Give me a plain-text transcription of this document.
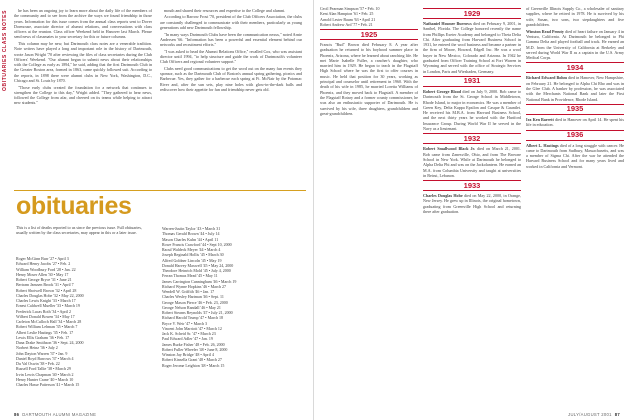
OBITUARIES CLASS NOTES	he has been an ongoing joy to learn more about the daily life of the members of the community and to see from the archive the ways we found friendship in those years. Information for this issue comes from the annual class reports sent to Dover Dormouse, associate director of alumni relations, and conversations with class officers at the reunion. Class officer Weekend held in Hanover last March. Please send news of classmates to your secretary for this or future columns.

This column may be new, but Dartmouth class notes are a venerable tradition. Note writers have played a long and important role in the history of Dartmouth, wrote Jason Wright '70 after reviewing the files of class secretaries during the Club Officers' Weekend. "Our alumni began to submit news about their relationships with the College as early as 1894," he said, adding that the first Dartmouth Club in the Greater Boston area, formed in 1863, came quickly followed suit. According to the reports, in 1898 there were alumni clubs in New York, Washington, D.C., Chicago and St. Louis by 1870.

"Those early clubs created the foundation for a network that continues to strengthen the College to this day," Wright added. "They gathered to hear news, followed the College from afar, and cheered on its teams while helping to attract new students."

mouth and shared their resources and expertise to the College and alumni.

According to Barrow Frost '70, president of the Club Officers Association, the clubs are constantly challenged to communicate with their members, particularly as young generations add new Dartmouth fellowship.

"In many ways Dartmouth Clubs have been the communication nexus," noted Arnie Andersen '66. "Information has been a powerful and essential element behind our networks and recruitment efforts."

"I was asked to head the Alumni Relations Office," recalled Cox, who was assistant director until 1994, "to help structure and guide the work of Dartmouth's volunteer Club Officers and regional volunteer support."

Clubs need good communications to get the word out on the many fun events they sponsor, such as the Dartmouth Club of Boston's annual spring gathering, picnics and Barbecue. Yes, they gather for a barbecue each spring at Ft. McNair by the Potomac River and, after the sun sets, play nine holes with glow-in-the-dark balls and rediscover how their appetite for fun and friendship never gets old.

obituaries
This is a list of deaths reported to us since the previous issue. Full obituaries, usually written by the class secretaries, may appear in this or a later issue.
Roger McGinn Burr '27 • April 3
Edward Henry Jacobs '27 • Feb. 2
William Woodbury Ford '28 • Jan. 22
Henry Moser Allen '30 • May 17
Robert George Bryce '31 • June 21
Bertram Janssen Brook '31 • April 7
Robert Shotwell Brown '32 • April 28
Charles Douglas Hobe '32 • May 22, 2000
Charles Lewis Knight '33 • March 17
Ernest Caldwell Mueller '33 • March 19
Frederick Lucas Roth '34 • April 2
Wilbert Donald Bowen '34 • May 17
Carleton McCulloch Hall '34 • March 28
Robert William Lehman '35 • March 7
Albert Leslie Hastings '35 • Feb. 17
Lewis Ellis Graham '36 • Feb. 17
Dana Drake Smithson '36 • Sept. 24, 2000
Norbert Heinz '36 • July 2
John Dayton Warren '37 • Jan. 9
Daniel Boyd Barrows '37 • March 4
Du Val Oswin '38 • Feb. 22
Russell Ford Tallie '38 • March 29
Irvin Lewis Chapman '40 • March 2
Henry Hunter Crane '40 • March 10
Charles Hasse Patterson '41 • March 15
Warren-Justin Taylor '43 • March 31
Thomas Gerald Brown '44 • July 14
Mason Charles Kuhn '44 • April 11
Rowe Francis Crawford '44 • Sept 10, 2000
Raoul Waldeck Meyer '44 • March 4
Joseph Reginald Hollis '45 • March 30
Alfred Goldner Lincoln '45 • May 19
Donald Harvey Maxwell '45 • May 24, 2000
Theodore Heinrich Mold '45 • July 4, 2000
Ferran Thomas Mead '45 • May 11
James Carrington Cunningham '46 • March 19
Richard Wynne Hopkins '46 • March 27
Wendell W. Griffith '46 • Jan. 17
Charles Wesley Hartman '46 • Sept. 11
George Mason Pierce '46 • Feb. 23, 2000
George Nelson Randall '46 • May 21
Robert Stearns Reynolds '47 • July 21, 2000
Richard Harold Trump '47 • March 18
Bryce V. Weir '47 • March 3
Vincent John Marriott '47 • March 12
Jack K. Scheid Sr. '47 • March 23
Paul Edward Adler '47 • Jan. 19
James Burke Fisher '48 • Feb. 26, 2000
Robert Fuller Wheeler '48 • June 8, 2000
Winston Jay Bridge '48 • April 4
Robert Kinsella Grant '48 • March 27
Roger Jerome Leighton '48 • March 15
86 DARTMOUTH ALUMNI MAGAZINE
Cecil Pearman Simpson '57 • Feb. 10
Kent Alan Hampton '61 • Feb. 25
Arnold Lester Baum '63 • April 21
Robert Andrew Ard '77 • Feb. 21
1925
Francis "Bud" Brown died February 8. A year after graduation he returned to his boyhood summer place in Phoenix, Arizona, where he learned about ranching life. He met Marie Isabelle Fuller, a rancher's daughter, who married him in 1929. He began to teach in the Flagstaff High School where he was the first to offer courses in music. He held that position for 30 years, working as principal and counselor until retirement in 1960. With the death of his wife in 1985, he married Loretta Williams of Phoenix, and they moved back to Flagstaff. A member of the Flagstaff Rotary and a former county commissioner, he was also an enthusiastic supporter of Dartmouth. He is survived by his wife, three daughters, grandchildren and great-grandchildren.
1929
Nathaniel Hosmer Burrows died on February 9, 2001, in Sanibel, Florida. The College honored recently the name from Phillips Exeter Academy and belonged to Theta Delta Chi. After graduating from Harvard Business School in 1931, he entered the wool business and became a partner in the firm of Moore, Howard, Edgell Inc. He was a wool buyer in New Mexico, Colorado and Arizona. In 1942 he graduated from Officer Training School at Fort Warren in Wyoming and served with the office of Strategic Services in London, Paris and Wiesbaden, Germany.
1931
Robert George Blood died on July 9, 2000. Bob came to Dartmouth from the St. George School in Middletown, Rhode Island, to major in economics. He was a member of Green Key, Delta Kappa Epsilon and Casque & Gauntlet. He received his M.B.A. from Harvard Business School, and the next thirty years he worked with the Hartford Insurance Group. During World War II he served in the Navy as a lieutenant.
1932
Robert Smallwood Black Jr. died on March 21, 2001. Bob came from Zanesville, Ohio, and from The Browne School in New York. While at Dartmouth he belonged to Alpha Delta Phi and was on the Jackolantern. He earned an M.A. from Columbia University and taught at universities in Beirut, Lebanon.
1933
Charles Douglas Hobe died on May 22, 2000, in Orange, New Jersey. He grew up in Illinois, the original hometown, graduating from Greenville High School and returning there after graduation.
of Greenville Illinois Supply Co., a wholesaler of sanitary supplies, where he retired in 1978. He is survived by his wife, Susan, two sons, two stepdaughters and five grandchildren.
Winston Read Prouty died of heart failure on January 4 in Ventura, California. At Dartmouth he belonged to Phi Gamma Delta and played football and track. He earned an M.D. from the University of California at Berkeley and served during World War II as a captain in the U.S. Army Medical Corps.
1934
Richard Edward Bohm died in Hanover, New Hampshire, on February 21. He belonged to Alpha Chi Rho and was in the Glee Club. A banker by profession, he was associated with the Merchants National Bank and later the First National Bank in Providence, Rhode Island.
1935
Ira Ken Barrett died in Hanover on April 14. He spent his life in education.
1936
Albert L. Hastings died of a long struggle with cancer. He came to Dartmouth from Sudbury, Massachusetts, and was a member of Sigma Chi. After the war he attended the Harvard Business School and for many years lived and worked in California and Vermont.
JULY/AUGUST 2001 87
